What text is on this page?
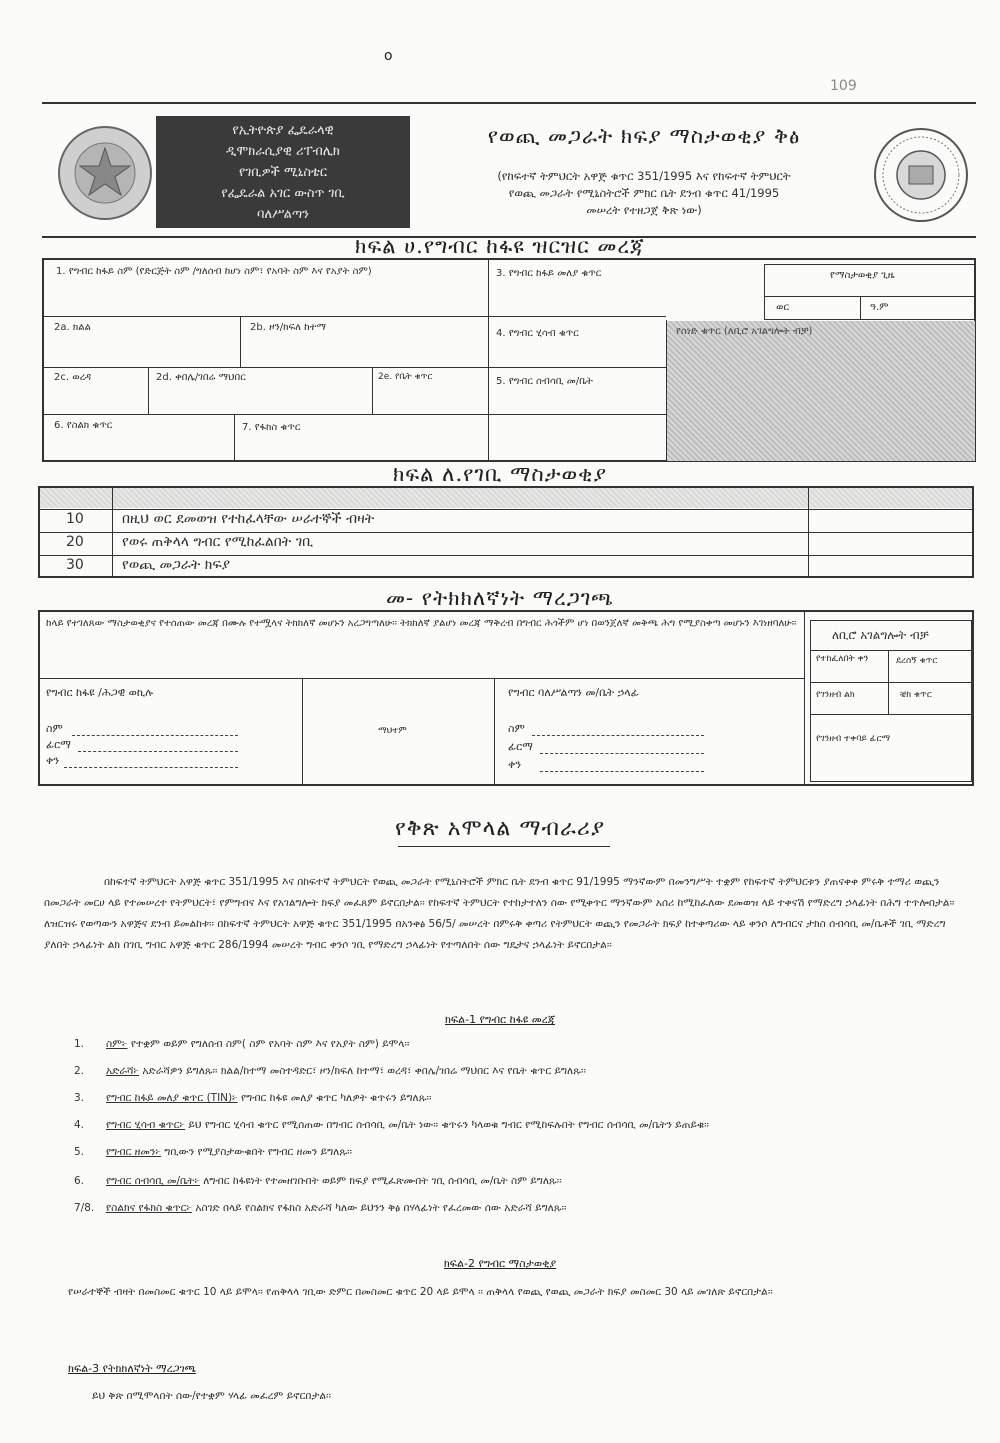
o
109
የኢትዮጵያ ፌዴራላዊ
ዲሞክራሲያዊ ሪፐብሊክ
የገቢዎች ሚኒስቴር
የፌዴራል አገር ውስጥ ገቢ
ባለሥልጣን
የወጪ መጋራት ክፍያ ማስታወቂያ ቅፅ
(የከፍተኛ ትምህርት አዋጅ ቁጥር 351/1995 እና የከፍተኛ ትምህርት
የወጪ መጋራት የሚኒስትሮች ምክር ቤት ደንብ ቁጥር 41/1995
መሠረት የተዘጋጀ ቅጽ ነው)
ክፍል ሀ.የግብር ከፋዩ ዝርዝር መረጃ
1. የግብር ከፋይ ስም (የድርጅት ስም /ግለሰብ ከሆነ ስም፣ የአባት ስም እና የአያት ስም)	3. የግብር ከፋይ መለያ ቁጥር	የማስታወቂያ ጊዜ
ወር	ዓ.ም
2a. ክልል	2b. ዞን/ክፍለ ከተማ
4. የግብር ሂሳብ ቁጥር	የሰነድ ቁጥር (ለቢሮ አገልግሎት ብቻ)
2c. ወረዳ	2d. ቀበሌ/ገበሬ ማህበር	2e. የቤት ቁጥር	5. የግብር ሰብሳቢ መ/ቤት
6. የስልክ ቁጥር	7. የፋክስ ቁጥር
ክፍል ለ.የገቢ ማስታወቂያ
10	በዚህ ወር ደመወዝ የተከፈላቸው ሠራተኞች ብዛት
20	የወሩ ጠቅላላ ግብር የሚከፈልበት ገቢ
30	የወጪ መጋራት ክፍያ
መ- የትክክለኛነት ማረጋገጫ
ከላይ የተገለጸው ማስታወቂያና የተሰጠው መረጃ በሙሉ የተሟላና ትክክለኛ መሆኑን አረጋግጣለሁ፡፡ ትክክለኛ ያልሆነ መረጃ ማቅረብ በግብር ሕጎችም ሆነ በወንጀለኛ መቅጫ ሕግ የሚያስቀጣ መሆኑን እገነዘባለሁ፡፡
ለቢሮ አገልግሎት ብቻ
የተከፈለበት ቀን	ደረሰኝ ቁጥር
የገንዘብ ልክ	ቼክ ቁጥር
የገንዘብ ተቀባይ ፊርማ
የግብር ከፋዩ /ሕጋዊ ወኪሉ
ስም
ፊርማ
ቀን
ማህተም
የግብር ባለሥልጣን መ/ቤት ኃላፊ
ስም
ፊርማ
ቀን
የቅጽ አሞላል ማብራሪያ
በከፍተኛ ትምህርት አዋጅ ቁጥር 351/1995 እና በከፍተኛ ትምህርት የወጪ መጋራት የሚኒስትሮች ምክር ቤት ደንብ ቁጥር 91/1995 ማንኛውም በመንግሥት ተቋም የከፍተኛ ትምህርቱን ያጠናቀቀ ምሩቅ ተማሪ ወጪን በመጋራት መርሀ ላይ የተመሠረተ የትምህርት፣ የምግብና እና የአገልግሎት ክፍያ መፈጸም ይኖርበታል፡፡ የከፍተኛ ትምህርት የተከታተለን ሰው የሚቀጥር ማንኛውም አሰሪ ከሚከፈለው ደመወዝ ላይ ተቀናሽ የማድረግ ኃላፊነት በሕግ ተጥሎበታል፡፡ ለዝርዝሩ የወጣውን አዋጅና ደንብ ይመልከቱ፡፡ በከፍተኛ ትምህርት አዋጅ ቁጥር 351/1995 በአንቀፅ 56/5/ መሠረት በምሩቅ ቀጣሪ የትምህርት ወጪን የመጋራት ክፍያ ከተቀጣሪው ላይ ቀንሶ ለግብርና ታክስ ሰብሳቢ መ/ቤቶች ገቢ ማድረግ ያለበት ኃላፊነት ልክ በገቢ ግብር አዋጅ ቁጥር 286/1994 መሠረት ግብር ቀንሶ ገቢ የማድረግ ኃላፊነት የተጣለበት ሰው ግዴታና ኃላፊነት ይኖርበታል፡፡
ክፍል-1 የግብር ከፋዩ መረጃ
1. ስም፦ የተቋም ወይም የግለሰብ ስም( ስም የአባት ስም እና የአያት ስም) ይሞላ፡፡
2. አድራሻ፦ አድራሻዎን ይግለጹ፡፡ ክልል/ከተማ መስተዳድር፣ ዞን/ክፍለ ከተማ፣ ወረዳ፣ ቀበሌ/ገበሬ ማህበር እና የቤት ቁጥር ይግለጹ፡፡
3. የግብር ከፋይ መለያ ቁጥር (TIN)፦ የግብር ከፋዩ መለያ ቁጥር ካለዎት ቁጥሩን ይግለጹ፡፡
4. የግብር ሂሳብ ቁጥር፦ ይህ የግብር ሂሳብ ቁጥር የሚሰጠው በግብር ሰብሳቢ መ/ቤት ነው፡፡ ቁጥሩን ካላወቁ ግብር የሚከፍሉበት የግብር ሰብሳቢ መ/ቤትን ይጠይቁ፡፡
5. የግብር ዘመን፦ ግቢውን የሚያስታውቁበት የግብር ዘመን ይግለጹ፡፡
6. የግብር ሰብሳቢ መ/ቤት፦ ለግብር ከፋዩነት የተመዘገቡበት ወይም ክፍያ የሚፈጽሙበት ገቢ ሰብሳቢ መ/ቤት ስም ይግለጹ፡፡
7/8. የስልክና የፋክስ ቁጥር፦ አስገድ በላይ የስልክና የፋክስ አድራሻ ካለው ይህንን ቅፅ በሃላፊነት የፈረመው ሰው አድራሻ ይግለጹ፡፡
ክፍል-2 የግብር ማስታወቂያ
የሠራተኞች ብዛት በመስመር ቁጥር 10 ላይ ይሞላ፡፡ የጠቅላላ ገቢው ድምር በመስመር ቁጥር 20 ላይ ይሞላ ፡፡ ጠቅላላ የወጪ የወጪ መጋራት ክፍያ መስመር 30 ላይ መገለጽ ይኖርበታል፡፡
ክፍል-3 የትክክለኛነት ማረጋገጫ
ይህ ቅጽ በሚሞላበት ሰው/የተቋም ሃላፊ መፈረም ይኖርበታል፡፡
